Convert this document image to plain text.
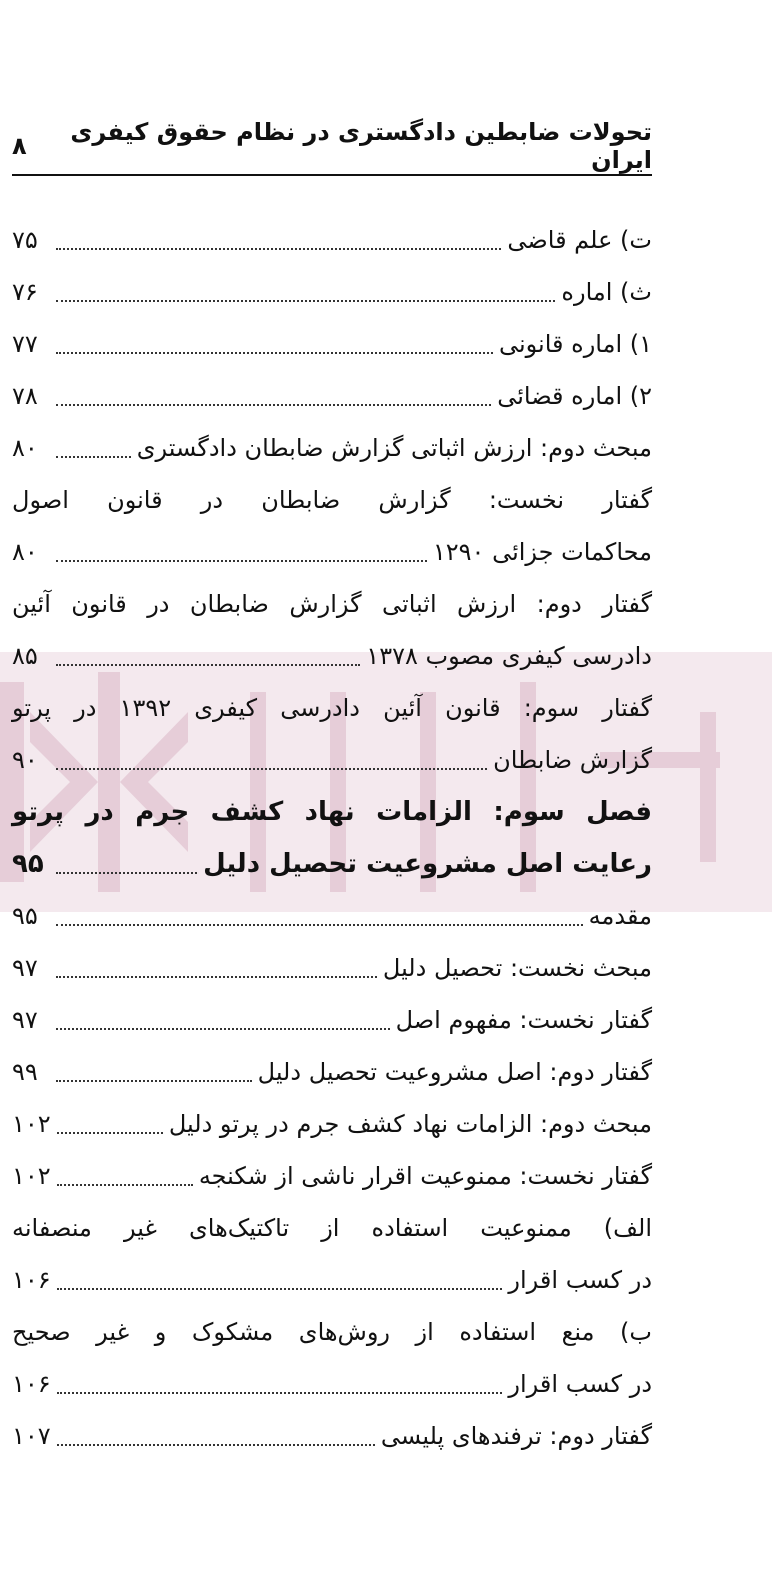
تحولات ضابطین دادگستری در نظام حقوق کیفری ایران
۸
ت) علم قاضی
۷۵
ث) اماره
۷۶
۱) اماره قانونی
۷۷
۲) اماره قضائی
۷۸
مبحث دوم: ارزش اثباتی گزارش ضابطان دادگستری
۸۰
گفتار نخست: گزارش ضابطان در قانون اصول
محاکمات جزائی ۱۲۹۰
۸۰
گفتار دوم: ارزش اثباتی گزارش ضابطان در قانون آئین
دادرسی کیفری مصوب ۱۳۷۸
۸۵
گفتار سوم: قانون آئین دادرسی کیفری ۱۳۹۲ در پرتو
گزارش ضابطان
۹۰
فصل سوم: الزامات نهاد کشف جرم در پرتو
رعایت اصل مشروعیت تحصیل دلیل
۹۵
مقدمه
۹۵
مبحث نخست: تحصیل دلیل
۹۷
گفتار نخست: مفهوم اصل
۹۷
گفتار دوم: اصل مشروعیت تحصیل دلیل
۹۹
مبحث دوم: الزامات نهاد کشف جرم در پرتو دلیل
۱۰۲
گفتار نخست: ممنوعیت اقرار ناشی از شکنجه
۱۰۲
الف) ممنوعیت استفاده از تاکتیک‌های غیر منصفانه
در کسب اقرار
۱۰۶
ب) منع استفاده از روش‌های مشکوک و غیر صحیح
در کسب اقرار
۱۰۶
گفتار دوم: ترفندهای پلیسی
۱۰۷
